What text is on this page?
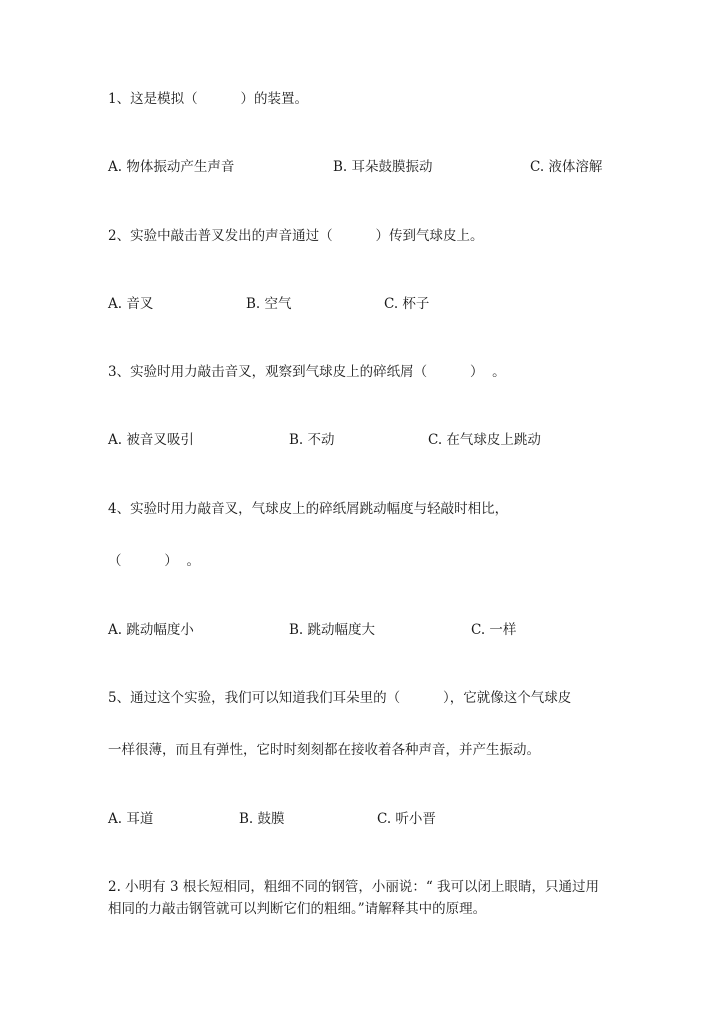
1、这是模拟（          ）的装置。
A. 物体振动产生声音	B. 耳朵鼓膜振动	C. 液体溶解
2、实验中敲击普叉发出的声音通过（          ）传到气球皮上。
A. 音叉	B. 空气	C. 杯子
3、实验时用力敲击音叉，观察到气球皮上的碎纸屑（          ）  。
A. 被音叉吸引	B. 不动	C. 在气球皮上跳动
4、实验时用力敲音叉，气球皮上的碎纸屑跳动幅度与轻敲时相比，
（          ）  。
A. 跳动幅度小	B. 跳动幅度大	C. 一样
5、通过这个实验，我们可以知道我们耳朵里的（          ），它就像这个气球皮
一样很薄，而且有弹性，它时时刻刻都在接收着各种声音，并产生振动。
A. 耳道	B. 鼓膜	C. 听小晋
2. 小明有 3 根长短相同，粗细不同的钢管，小丽说：“ 我可以闭上眼睛，只通过用相同的力敲击钢管就可以判断它们的粗细。”请解释其中的原理。
